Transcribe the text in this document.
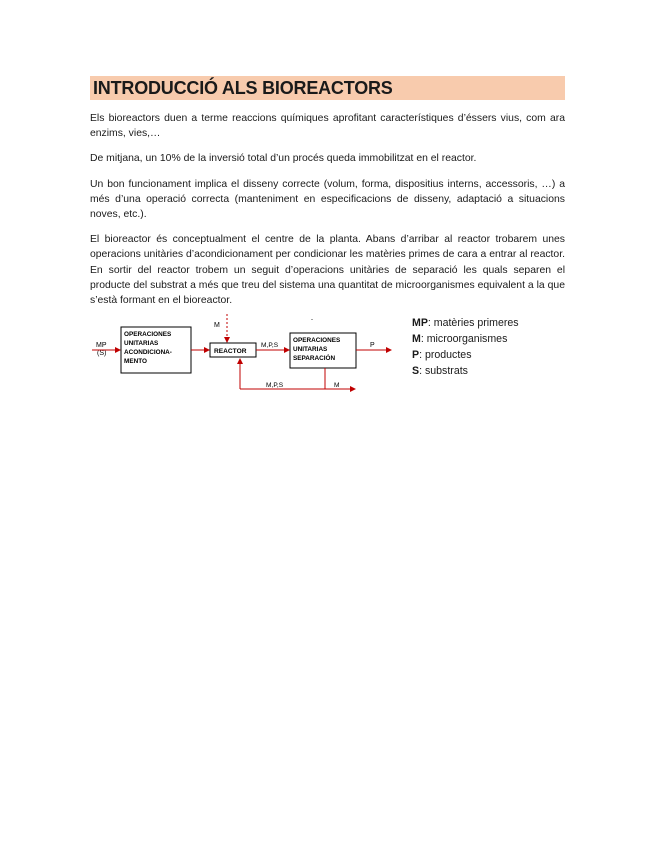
INTRODUCCIÓ ALS BIOREACTORS

Els bioreactors duen a terme reaccions químiques aprofitant característiques d’éssers vius, com ara enzims, vies,…

De mitjana, un 10% de la inversió total d’un procés queda immobilitzat en el reactor.

Un bon funcionament implica el disseny correcte (volum, forma, dispositius interns, accessoris, …) a més d’una operació correcta (manteniment en especificacions de disseny, adaptació a situacions noves, etc.).

El bioreactor és conceptualment el centre de la planta. Abans d’arribar al reactor trobarem unes operacions unitàries d’acondicionament per condicionar les matèries primes de cara a entrar al reactor. En sortir del reactor trobem un seguit d’operacions unitàries de separació les quals separen el producte del substrat a més que treu del sistema una quantitat de microorganismes equivalent a la que s’està formant en el bioreactor.

MP
(S)
OPERACIONES
UNITARIAS
ACONDICIONA-
MENTO
M
REACTOR
M,P,S
-
OPERACIONES
UNITARIAS
SEPARACIÓN
P
M,P,S	M
MP: matèries primeres
M: microorganismes
P: productes
S: substrats
